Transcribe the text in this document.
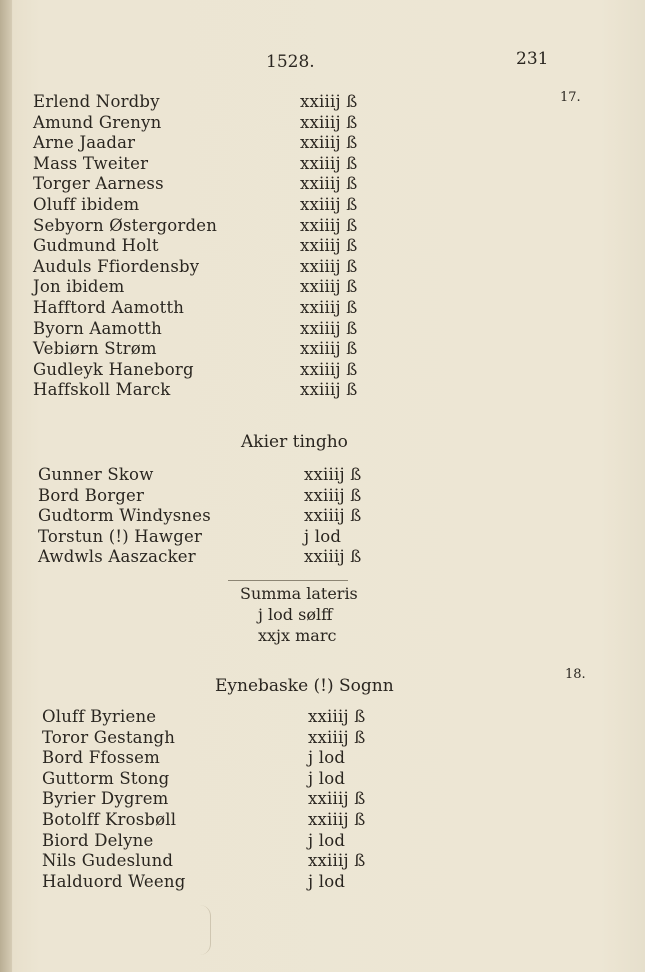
1528.	231
17.
18.
Erlend Nordby	xxiiij ß
Amund Grenyn	xxiiij ß
Arne Jaadar	xxiiij ß
Mass Tweiter	xxiiij ß
Torger Aarness	xxiiij ß
Oluff ibidem	xxiiij ß
Sebyorn Østergorden	xxiiij ß
Gudmund Holt	xxiiij ß
Auduls Ffiordensby	xxiiij ß
Jon ibidem	xxiiij ß
Hafftord Aamotth	xxiiij ß
Byorn Aamotth	xxiiij ß
Vebiørn Strøm	xxiiij ß
Gudleyk Haneborg	xxiiij ß
Haffskoll Marck	xxiiij ß
Akier tingho
Gunner Skow	xxiiij ß
Bord Borger	xxiiij ß
Gudtorm Windysnes	xxiiij ß
Torstun (!) Hawger	j lod
Awdwls Aaszacker	xxiiij ß
Summa lateris
j lod sølff
xxjx marc
Eynebaske (!) Sognn
Oluff Byriene	xxiiij ß
Toror Gestangh	xxiiij ß
Bord Ffossem	j lod
Guttorm Stong	j lod
Byrier Dygrem	xxiiij ß
Botolff Krosbøll	xxiiij ß
Biord Delyne	j lod
Nils Gudeslund	xxiiij ß
Halduord Weeng	j lod
